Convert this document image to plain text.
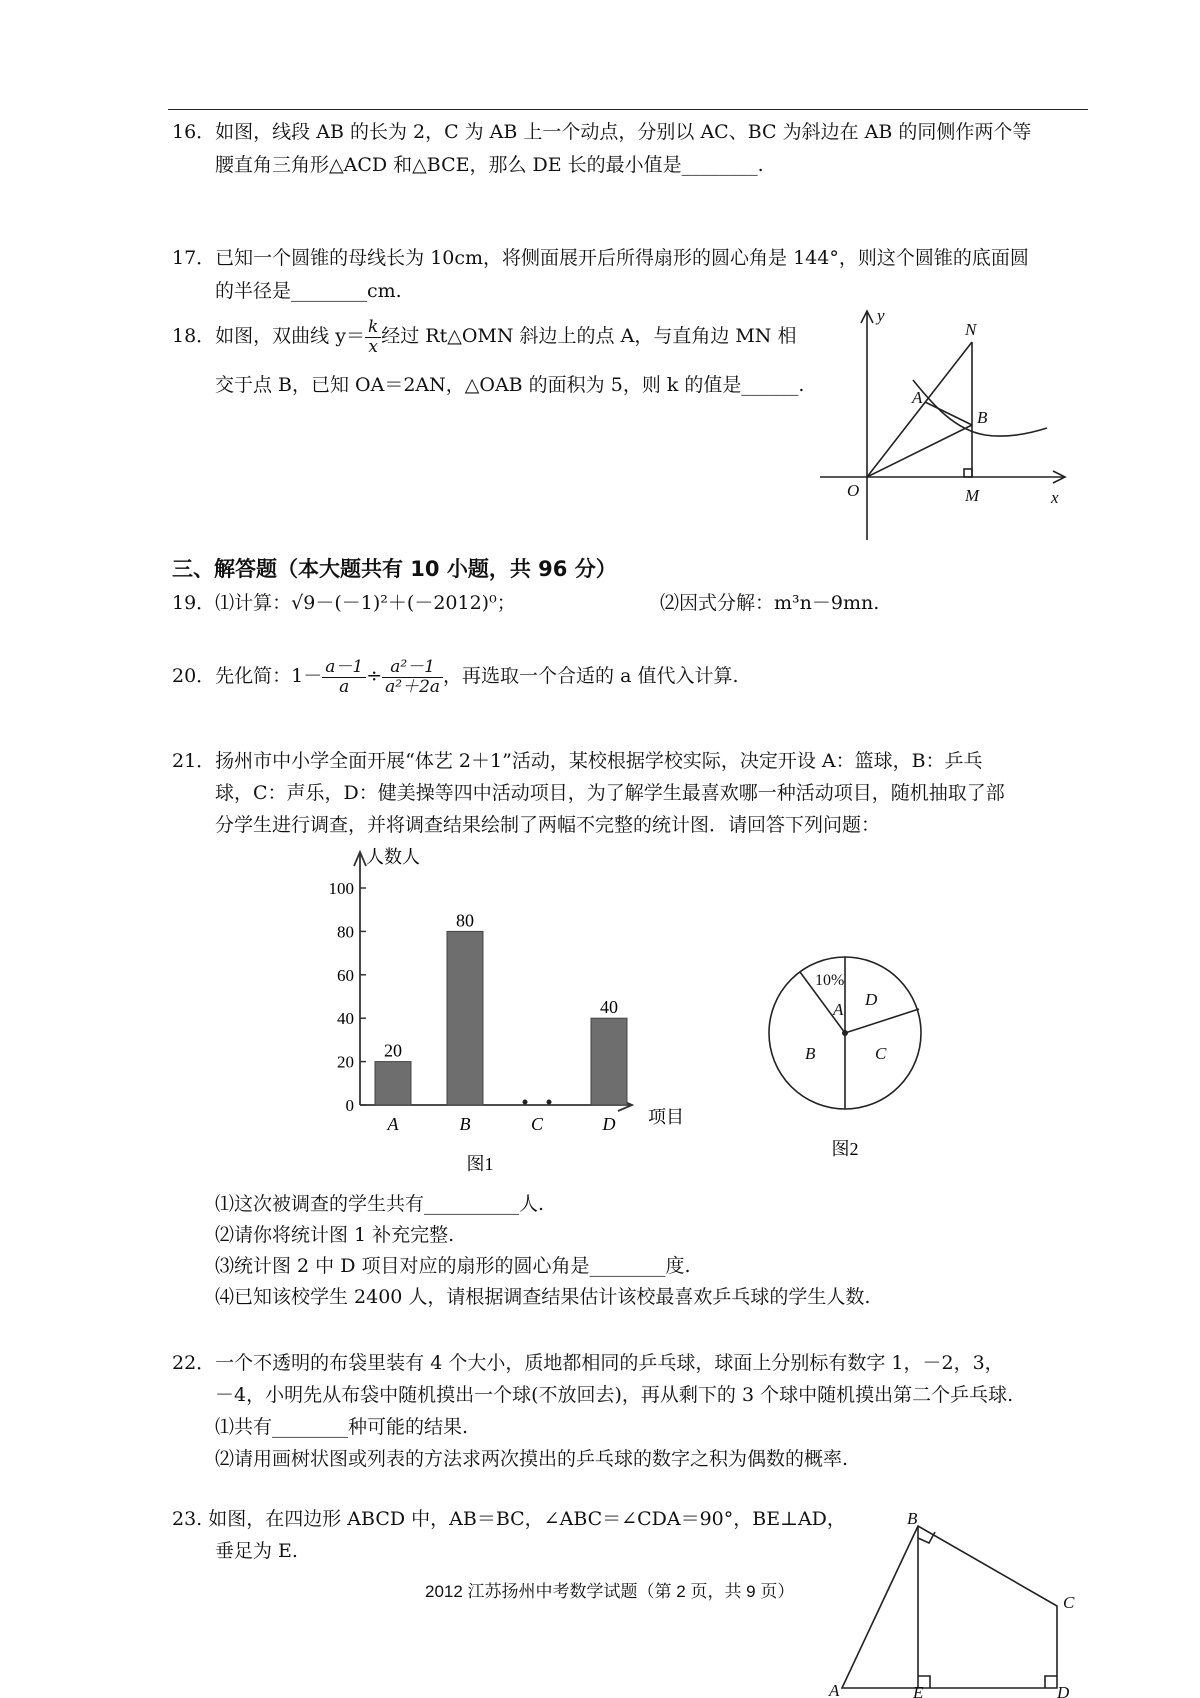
16．如图，线段 AB 的长为 2，C 为 AB 上一个动点，分别以 AC、BC 为斜边在 AB 的同侧作两个等
腰直角三角形△ACD 和△BCE，那么 DE 长的最小值是________.
17．已知一个圆锥的母线长为 10cm，将侧面展开后所得扇形的圆心角是 144°，则这个圆锥的底面圆
的半径是________cm.
18．如图，双曲线 $y= \frac{k}{x}$ 经过 Rt△OMN 斜边上的点 A，与直角边 MN 相
交于点 B，已知 OA＝2AN，△OAB 的面积为 5，则 k 的值是______.
y
x
N
A
B
O	M
三、解答题（本大题共有 10 小题，共 96 分）
19．⑴计算：√9－(－1)²＋(－2012)⁰；	⑵因式分解：m³n－9mn.
20．先化简：$1- \frac{a-1}{a} \div \frac{\text{a²－1}}{\text{a²＋2a}}$ ，再选取一个合适的 a 值代入计算.
21．扬州市中小学全面开展“体艺 2＋1”活动，某校根据学校实际，决定开设 A：篮球，B：乒乓
球，C：声乐，D：健美操等四中活动项目，为了解学生最喜欢哪一种活动项目，随机抽取了部
分学生进行调查，并将调查结果绘制了两幅不完整的统计图．请回答下列问题：
人数人
项目
0
20
40
60
80
100
20
A
80
B	C
40
D
图1
A
D
C
B
10%
图2
⑴这次被调查的学生共有__________人.
⑵请你将统计图 1 补充完整.
⑶统计图 2 中 D 项目对应的扇形的圆心角是________度.
⑷已知该校学生 2400 人，请根据调查结果估计该校最喜欢乒乓球的学生人数.
22．一个不透明的布袋里装有 4 个大小，质地都相同的乒乓球，球面上分别标有数字 1，－2，3，
－4，小明先从布袋中随机摸出一个球(不放回去)，再从剩下的 3 个球中随机摸出第二个乒乓球.
⑴共有________种可能的结果.
⑵请用画树状图或列表的方法求两次摸出的乒乓球的数字之积为偶数的概率.
23. 如图，在四边形 ABCD 中，AB＝BC，∠ABC＝∠CDA＝90°，BE⊥AD，
垂足为 E.
B
C
A	E	D
2012 江苏扬州中考数学试题（第 2 页，共 9 页）
